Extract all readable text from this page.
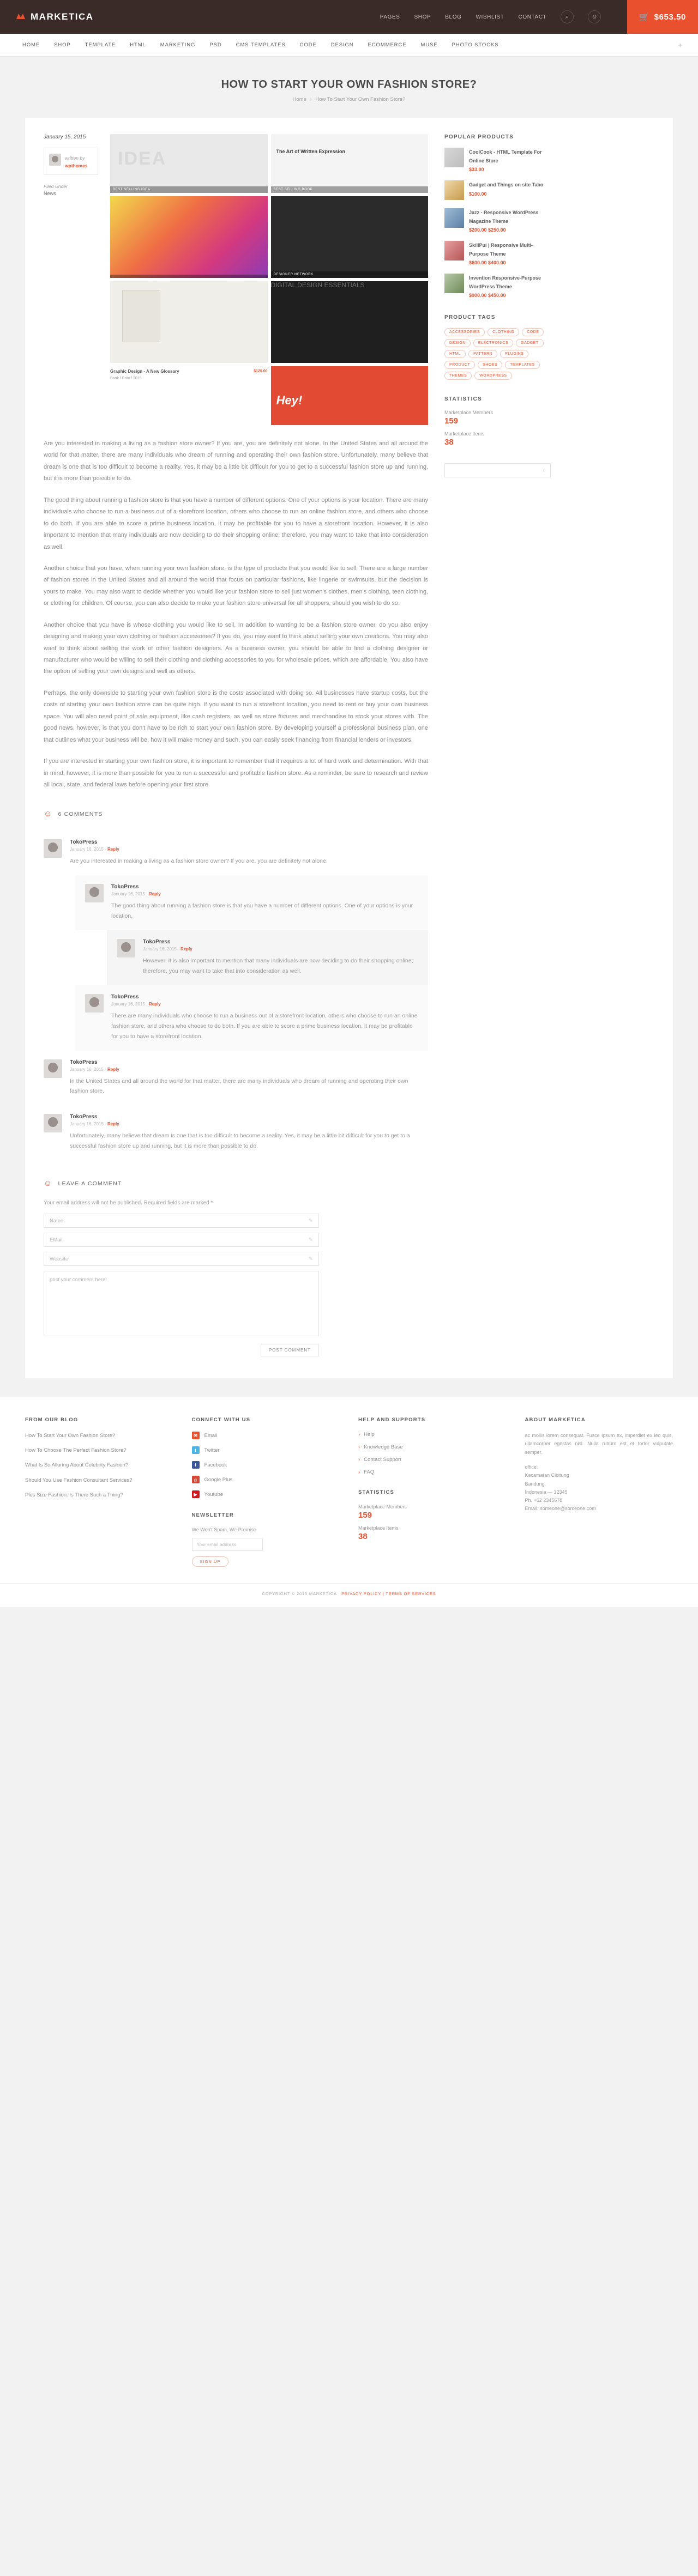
MARKETICA	PAGES	SHOP	BLOG	WISHLIST	CONTACT	⌕	☺	🛒 $653.50
HOME	SHOP	TEMPLATE	HTML	MARKETING	PSD	CMS TEMPLATES	CODE	DESIGN	ECOMMERCE	MUSE	PHOTO STOCKS	+
HOW TO START YOUR OWN FASHION STORE?
Home › How To Start Your Own Fashion Store?
January 15, 2015
written by
wpthemes
Filed Under
News
IDEA
BEST SELLING IDEA
The Art of Written Expression
BEST SELLING BOOK
DESIGNER NETWORK
DIGITAL DESIGN ESSENTIALS
$125.00
Graphic Design - A New Glossary
Book / Print / 2015
Hey!

Are you interested in making a living as a fashion store owner? If you are, you are definitely not alone. In the United States and all around the world for that matter, there are many individuals who dream of running and operating their own fashion store. Unfortunately, many believe that dream is one that is too difficult to become a reality. Yes, it may be a little bit difficult for you to get to a successful fashion store up and running, but it is more than possible to do.

The good thing about running a fashion store is that you have a number of different options. One of your options is your location. There are many individuals who choose to run a business out of a storefront location, others who choose to run an online fashion store, and others who choose to do both. If you are able to score a prime business location, it may be profitable for you to have a storefront location. However, it is also important to mention that many individuals are now deciding to do their shopping online; therefore, you may want to take that into consideration as well.

Another choice that you have, when running your own fashion store, is the type of products that you would like to sell. There are a large number of fashion stores in the United States and all around the world that focus on particular fashions, like lingerie or swimsuits, but the decision is yours to make. You may also want to decide whether you would like your fashion store to sell just women's clothes, men's clothing, teen clothing, or clothing for children. Of course, you can also decide to make your fashion store universal for all shoppers, should you wish to do so.

Another choice that you have is whose clothing you would like to sell. In addition to wanting to be a fashion store owner, do you also enjoy designing and making your own clothing or fashion accessories? If you do, you may want to think about selling your own creations. You may also want to think about selling the work of other fashion designers. As a business owner, you should be able to find a clothing designer or manufacturer who would be willing to sell their clothing and clothing accessories to you for wholesale prices, which are affordable. You also have the option of selling your own designs and well as others.

Perhaps, the only downside to starting your own fashion store is the costs associated with doing so. All businesses have startup costs, but the costs of starting your own fashion store can be quite high. If you want to run a storefront location, you need to rent or buy your own business space. You will also need point of sale equipment, like cash registers, as well as store fixtures and merchandise to stock your stores with. The good news, however, is that you don't have to be rich to start your own fashion store. By developing yourself a professional business plan, one that outlines what your business will be, how it will make money and such, you can easily seek financing from financial lenders or investors.

If you are interested in starting your own fashion store, it is important to remember that it requires a lot of hard work and determination. With that in mind, however, it is more than possible for you to run a successful and profitable fashion store. As a reminder, be sure to research and review all local, state, and federal laws before opening your first store.

☺ 6 COMMENTS
TokoPress
January 16, 2015 · Reply
Are you interested in making a living as a fashion store owner? If you are, you are definitely not alone.
TokoPress
January 16, 2015 · Reply
The good thing about running a fashion store is that you have a number of different options. One of your options is your location.
TokoPress
January 16, 2015 · Reply
However, it is also important to mention that many individuals are now deciding to do their shopping online; therefore, you may want to take that into consideration as well.
TokoPress
January 16, 2015 · Reply
There are many individuals who choose to run a business out of a storefront location, others who choose to run an online fashion store, and others who choose to do both. If you are able to score a prime business location, it may be profitable for you to have a storefront location.
TokoPress
January 16, 2015 · Reply
In the United States and all around the world for that matter, there are many individuals who dream of running and operating their own fashion store.
TokoPress
January 16, 2015 · Reply
Unfortunately, many believe that dream is one that is too difficult to become a reality. Yes, it may be a little bit difficult for you to get to a successful fashion store up and running, but it is more than possible to do.
☺ LEAVE A COMMENT
Your email address will not be published. Required fields are marked *
Name	✎
EMail	✎
Website	✎
post your comment here!
POST COMMENT
POPULAR PRODUCTS
CoolCook - HTML Template For Online Store
$33.00
Gadget and Things on site Tabo
$100.00
Jazz - Responsive WordPress Magazine Theme
$200.00 $250.00
SkillPui | Responsive Multi-Purpose Theme
$600.00 $400.00
Invention Responsive-Purpose WordPress Theme
$900.00 $450.00
PRODUCT TAGS
ACCESSORIES	CLOTHING	CODE
DESIGN	ELECTRONICS	GADGET
HTML	PATTERN	PLUGINS
PRODUCT	SHOES	TEMPLATES
THEMES	WORDPRESS
STATISTICS
Marketplace Members
159
Marketplace Items
38
⌕
FROM OUR BLOG
How To Start Your Own Fashion Store?
How To Choose The Perfect Fashion Store?
What Is So Alluring About Celebrity Fashion?
Should You Use Fashion Consultant Services?
Plus Size Fashion: Is There Such a Thing?
CONNECT WITH US
✉	Email
t	Twitter
f	Facebook
g	Google Plus
▶	Youtube
NEWSLETTER
We Won't Spam, We Promise
Your email address
SIGN UP
HELP AND SUPPORTS
› Help
› Knowledge Base
› Contact Support
› FAQ
STATISTICS
Marketplace Members
159
Marketplace Items
38
ABOUT MARKETICA
ac mollis lorem consequat. Fusce ipsum ex, imperdiet ex leo quis, ullamcorper egestas nisl. Nulla rutrum est et tortor vulputate semper.
office:
Kecamatan Cibitung
Bandung,
Indonesia — 12345
Ph. +62 2345678
Email: someone@someone.com
COPYRIGHT © 2015 MARKETICA PRIVACY POLICY | TERMS OF SERVICES
